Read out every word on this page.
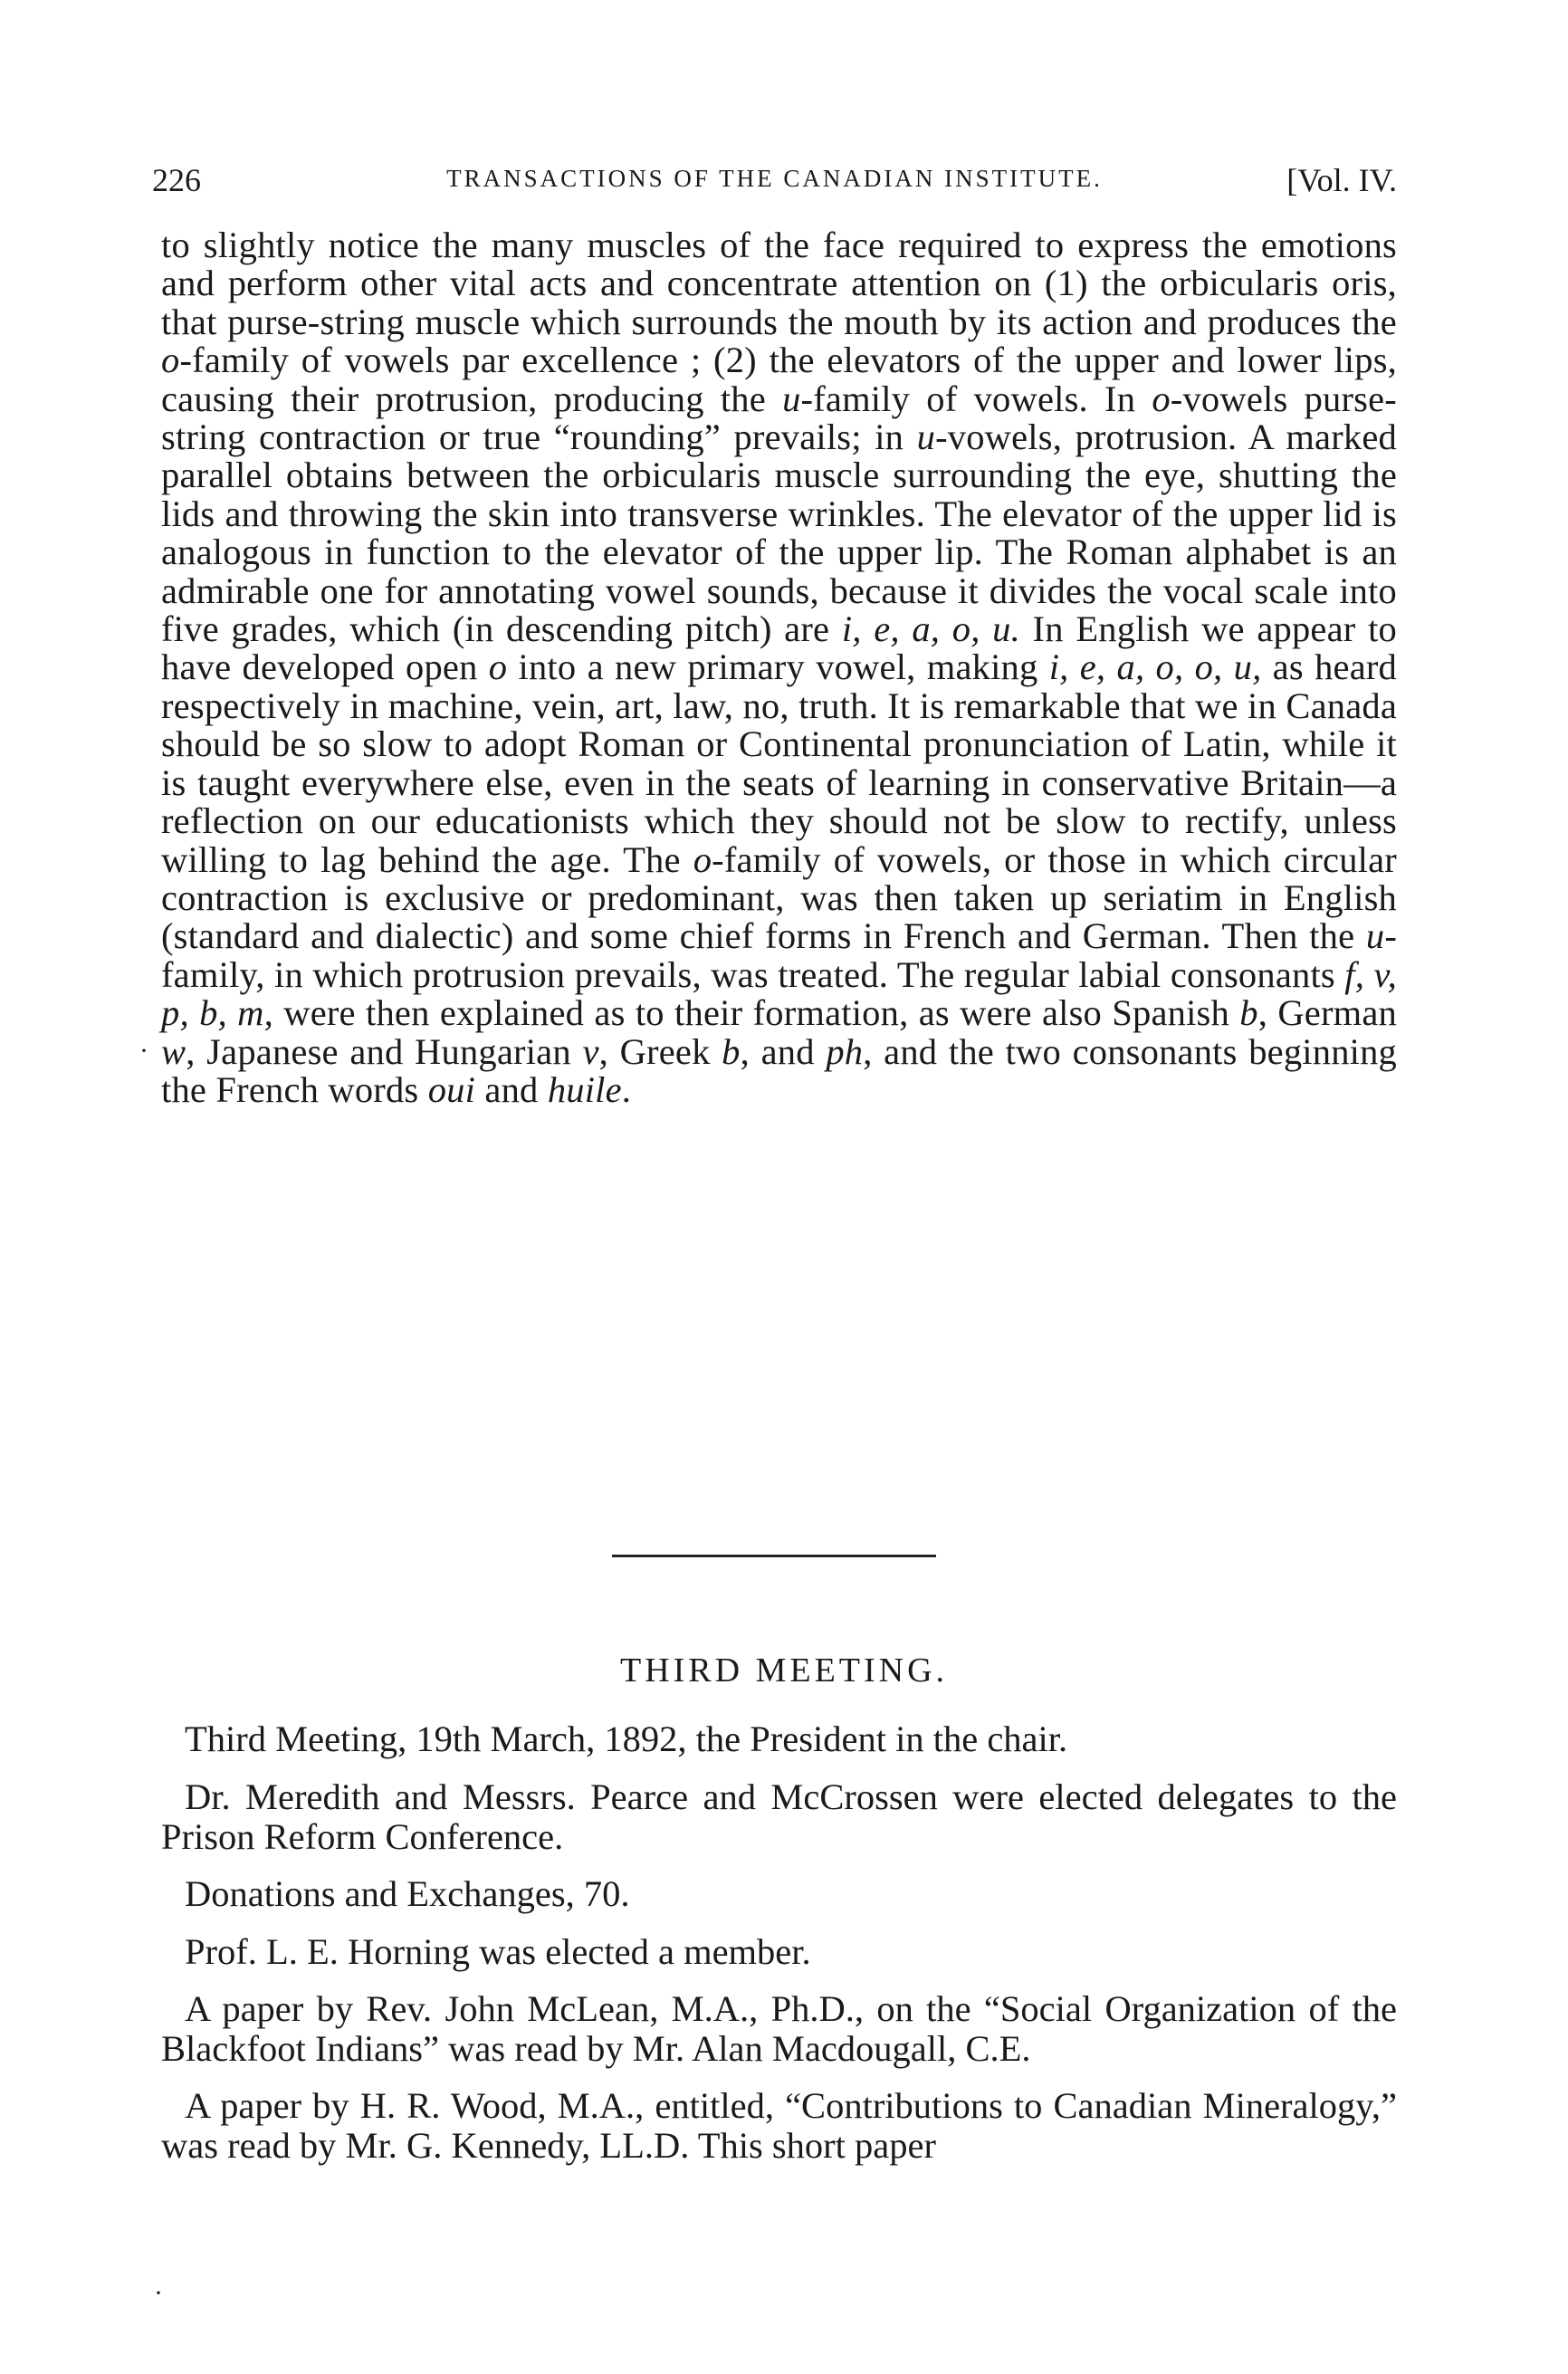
226	TRANSACTIONS OF THE CANADIAN INSTITUTE.	[Vol. IV.

to slightly notice the many muscles of the face required to express the emotions and perform other vital acts and concentrate attention on (1) the orbicularis oris, that purse-string muscle which surrounds the mouth by its action and produces the o-family of vowels par excellence ; (2) the elevators of the upper and lower lips, causing their protrusion, producing the u-family of vowels. In o-vowels purse-string contraction or true “rounding” prevails; in u-vowels, protrusion. A marked parallel obtains between the orbicularis muscle surrounding the eye, shutting the lids and throwing the skin into transverse wrinkles. The elevator of the upper lid is analogous in function to the elevator of the upper lip. The Roman alphabet is an admirable one for annotating vowel sounds, because it divides the vocal scale into five grades, which (in descending pitch) are i, e, a, o, u. In English we appear to have developed open o into a new primary vowel, making i, e, a, o, o, u, as heard respectively in machine, vein, art, law, no, truth. It is remarkable that we in Canada should be so slow to adopt Roman or Continental pronunciation of Latin, while it is taught everywhere else, even in the seats of learning in conservative Britain—a reflection on our educationists which they should not be slow to rectify, unless willing to lag behind the age. The o-family of vowels, or those in which circular contraction is exclusive or predominant, was then taken up seriatim in English (standard and dialectic) and some chief forms in French and German. Then the u-family, in which protrusion prevails, was treated. The regular labial consonants f, v, p, b, m, were then explained as to their formation, as were also Spanish b, German w, Japanese and Hungarian v, Greek b, and ph, and the two consonants beginning the French words oui and huile.

THIRD MEETING.

Third Meeting, 19th March, 1892, the President in the chair.

Dr. Meredith and Messrs. Pearce and McCrossen were elected delegates to the Prison Reform Conference.

Donations and Exchanges, 70.

Prof. L. E. Horning was elected a member.

A paper by Rev. John McLean, M.A., Ph.D., on the “Social Organization of the Blackfoot Indians” was read by Mr. Alan Macdougall, C.E.

A paper by H. R. Wood, M.A., entitled, “Contributions to Canadian Mineralogy,” was read by Mr. G. Kennedy, LL.D. This short paper

·
·
